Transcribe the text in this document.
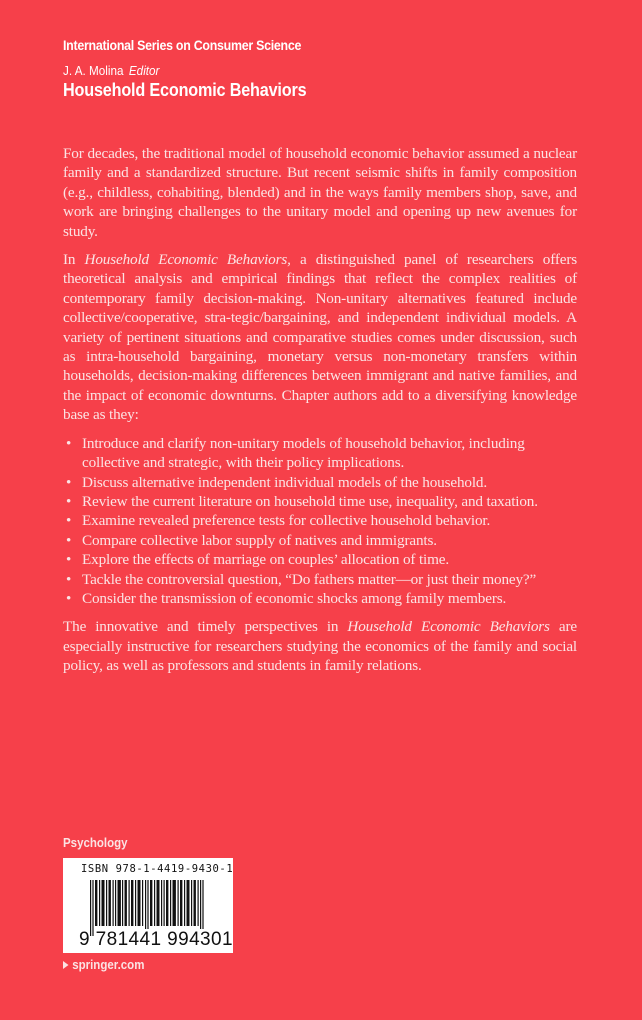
International Series on Consumer Science
J. A. Molina Editor
Household Economic Behaviors

For decades, the traditional model of household economic behavior assumed a nuclear family and a standardized structure. But recent seismic shifts in family composition (e.g., childless, cohabiting, blended) and in the ways family members shop, save, and work are bringing challenges to the unitary model and opening up new avenues for study.

In Household Economic Behaviors, a distinguished panel of researchers offers theoretical analysis and empirical findings that reflect the complex realities of contemporary family decision-making. Non-unitary alternatives featured include collective/cooperative, stra-tegic/bargaining, and independent individual models. A variety of pertinent situations and comparative studies comes under discussion, such as intra-household bargaining, monetary versus non-monetary transfers within households, decision-making differences between immigrant and native families, and the impact of economic downturns. Chapter authors add to a diversifying knowledge base as they:

• Introduce and clarify non-unitary models of household behavior, including collective and strategic, with their policy implications.
• Discuss alternative independent individual models of the household.
• Review the current literature on household time use, inequality, and taxation.
• Examine revealed preference tests for collective household behavior.
• Compare collective labor supply of natives and immigrants.
• Explore the effects of marriage on couples’ allocation of time.
• Tackle the controversial question, “Do fathers matter—or just their money?”
• Consider the transmission of economic shocks among family members.

The innovative and timely perspectives in Household Economic Behaviors are especially instructive for researchers studying the economics of the family and social policy, as well as professors and students in family relations.

Psychology
ISBN 978-1-4419-9430-1
9 781441 994301
springer.com
